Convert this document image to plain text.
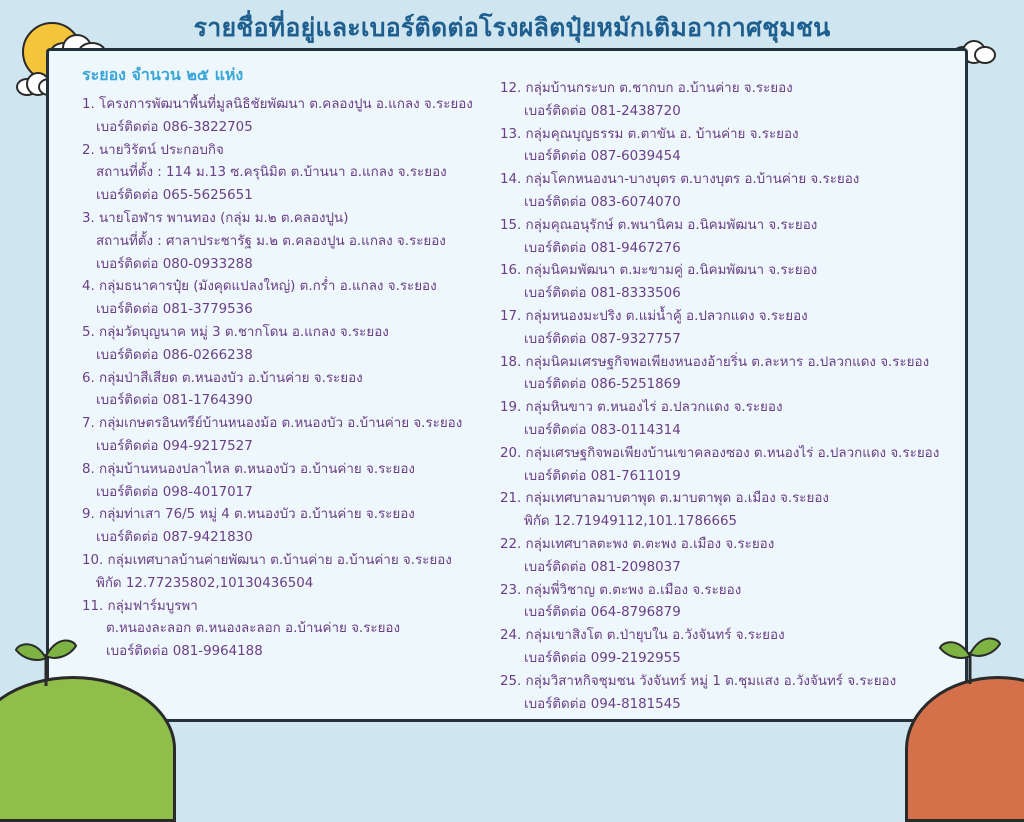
รายชื่อที่อยู่และเบอร์ติดต่อโรงผลิตปุ๋ยหมักเติมอากาศชุมชน
ระยอง จำนวน ๒๕ แห่ง
1. โครงการพัฒนาพื้นที่มูลนิธิชัยพัฒนา ต.คลองปูน อ.แกลง จ.ระยอง
เบอร์ติดต่อ 086-3822705
2. นายวิรัตน์ ประกอบกิจ
สถานที่ตั้ง : 114 ม.13 ซ.ครุนิมิต ต.บ้านนา อ.แกลง จ.ระยอง
เบอร์ติดต่อ 065-5625651
3. นายโอฬาร พานทอง (กลุ่ม ม.๒ ต.คลองปูน)
สถานที่ตั้ง : ศาลาประชารัฐ ม.๒ ต.คลองปูน อ.แกลง จ.ระยอง
เบอร์ติดต่อ 080-0933288
4. กลุ่มธนาคารปุ๋ย (มังคุดแปลงใหญ่) ต.กร่ำ อ.แกลง จ.ระยอง
เบอร์ติดต่อ 081-3779536
5. กลุ่มวัดบุญนาค หมู่ 3 ต.ชากโดน อ.แกลง จ.ระยอง
เบอร์ติดต่อ 086-0266238
6. กลุ่มป่าสีเสียด ต.หนองบัว อ.บ้านค่าย จ.ระยอง
เบอร์ติดต่อ 081-1764390
7. กลุ่มเกษตรอินทรีย์บ้านหนองม้อ ต.หนองบัว อ.บ้านค่าย จ.ระยอง
เบอร์ติดต่อ 094-9217527
8. กลุ่มบ้านหนองปลาไหล ต.หนองบัว อ.บ้านค่าย จ.ระยอง
เบอร์ติดต่อ 098-4017017
9. กลุ่มท่าเสา 76/5 หมู่ 4 ต.หนองบัว อ.บ้านค่าย จ.ระยอง
เบอร์ติดต่อ 087-9421830
10. กลุ่มเทศบาลบ้านค่ายพัฒนา ต.บ้านค่าย อ.บ้านค่าย จ.ระยอง
พิกัด 12.77235802,10130436504
11. กลุ่มฟาร์มบูรพา
ต.หนองละลอก ต.หนองละลอก อ.บ้านค่าย จ.ระยอง
เบอร์ติดต่อ 081-9964188
12. กลุ่มบ้านกระบก ต.ชากบก อ.บ้านค่าย จ.ระยอง
เบอร์ติดต่อ 081-2438720
13. กลุ่มคุณบุญธรรม ต.ตาขัน อ. บ้านค่าย จ.ระยอง
เบอร์ติดต่อ 087-6039454
14. กลุ่มโคกหนองนา-บางบุตร ต.บางบุตร อ.บ้านค่าย จ.ระยอง
เบอร์ติดต่อ 083-6074070
15. กลุ่มคุณอนุรักษ์ ต.พนานิคม อ.นิคมพัฒนา จ.ระยอง
เบอร์ติดต่อ 081-9467276
16. กลุ่มนิคมพัฒนา ต.มะขามคู่ อ.นิคมพัฒนา จ.ระยอง
เบอร์ติดต่อ 081-8333506
17. กลุ่มหนองมะปริง ต.แม่น้ำคู้ อ.ปลวกแดง จ.ระยอง
เบอร์ติดต่อ 087-9327757
18. กลุ่มนิคมเศรษฐกิจพอเพียงหนองอ้ายริ่น ต.ละหาร อ.ปลวกแดง จ.ระยอง
เบอร์ติดต่อ 086-5251869
19. กลุ่มหินขาว ต.หนองไร่ อ.ปลวกแดง จ.ระยอง
เบอร์ติดต่อ 083-0114314
20. กลุ่มเศรษฐกิจพอเพียงบ้านเขาคลองซอง ต.หนองไร่ อ.ปลวกแดง จ.ระยอง
เบอร์ติดต่อ 081-7611019
21. กลุ่มเทศบาลมาบตาพุด ต.มาบตาพุด อ.เมือง จ.ระยอง
พิกัด 12.71949112,101.1786665
22. กลุ่มเทศบาลตะพง ต.ตะพง อ.เมือง จ.ระยอง
เบอร์ติดต่อ 081-2098037
23. กลุ่มพี่วิชาญ ต.ตะพง อ.เมือง จ.ระยอง
เบอร์ติดต่อ 064-8796879
24. กลุ่มเขาสิงโต ต.ป่ายุบใน อ.วังจันทร์ จ.ระยอง
เบอร์ติดต่อ 099-2192955
25. กลุ่มวิสาหกิจชุมชน วังจันทร์ หมู่ 1 ต.ชุมแสง อ.วังจันทร์ จ.ระยอง
เบอร์ติดต่อ 094-8181545
